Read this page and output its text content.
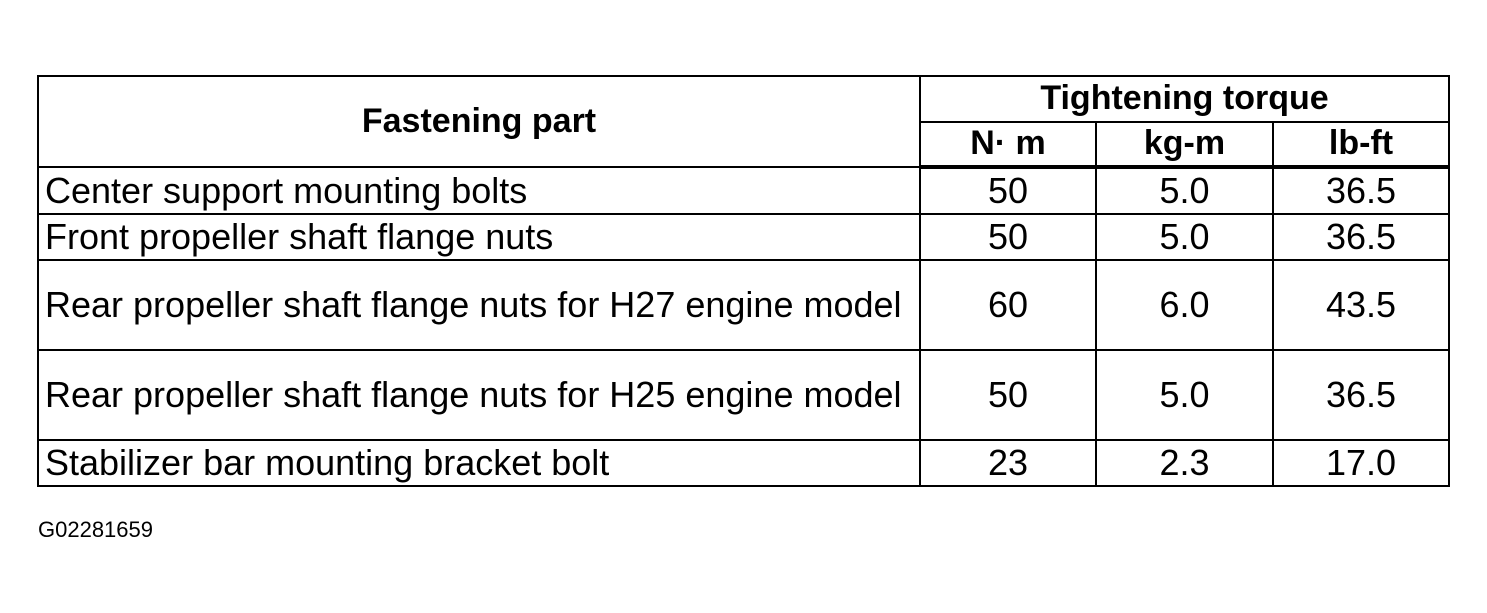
Fastening part	Tightening torque		
	N· m	kg-m	lb-ft
Center support mounting bolts	50	5.0	36.5
Front propeller shaft flange nuts	50	5.0	36.5
Rear propeller shaft flange nuts for H27 engine model	60	6.0	43.5
Rear propeller shaft flange nuts for H25 engine model	50	5.0	36.5
Stabilizer bar mounting bracket bolt	23	2.3	17.0
G02281659
